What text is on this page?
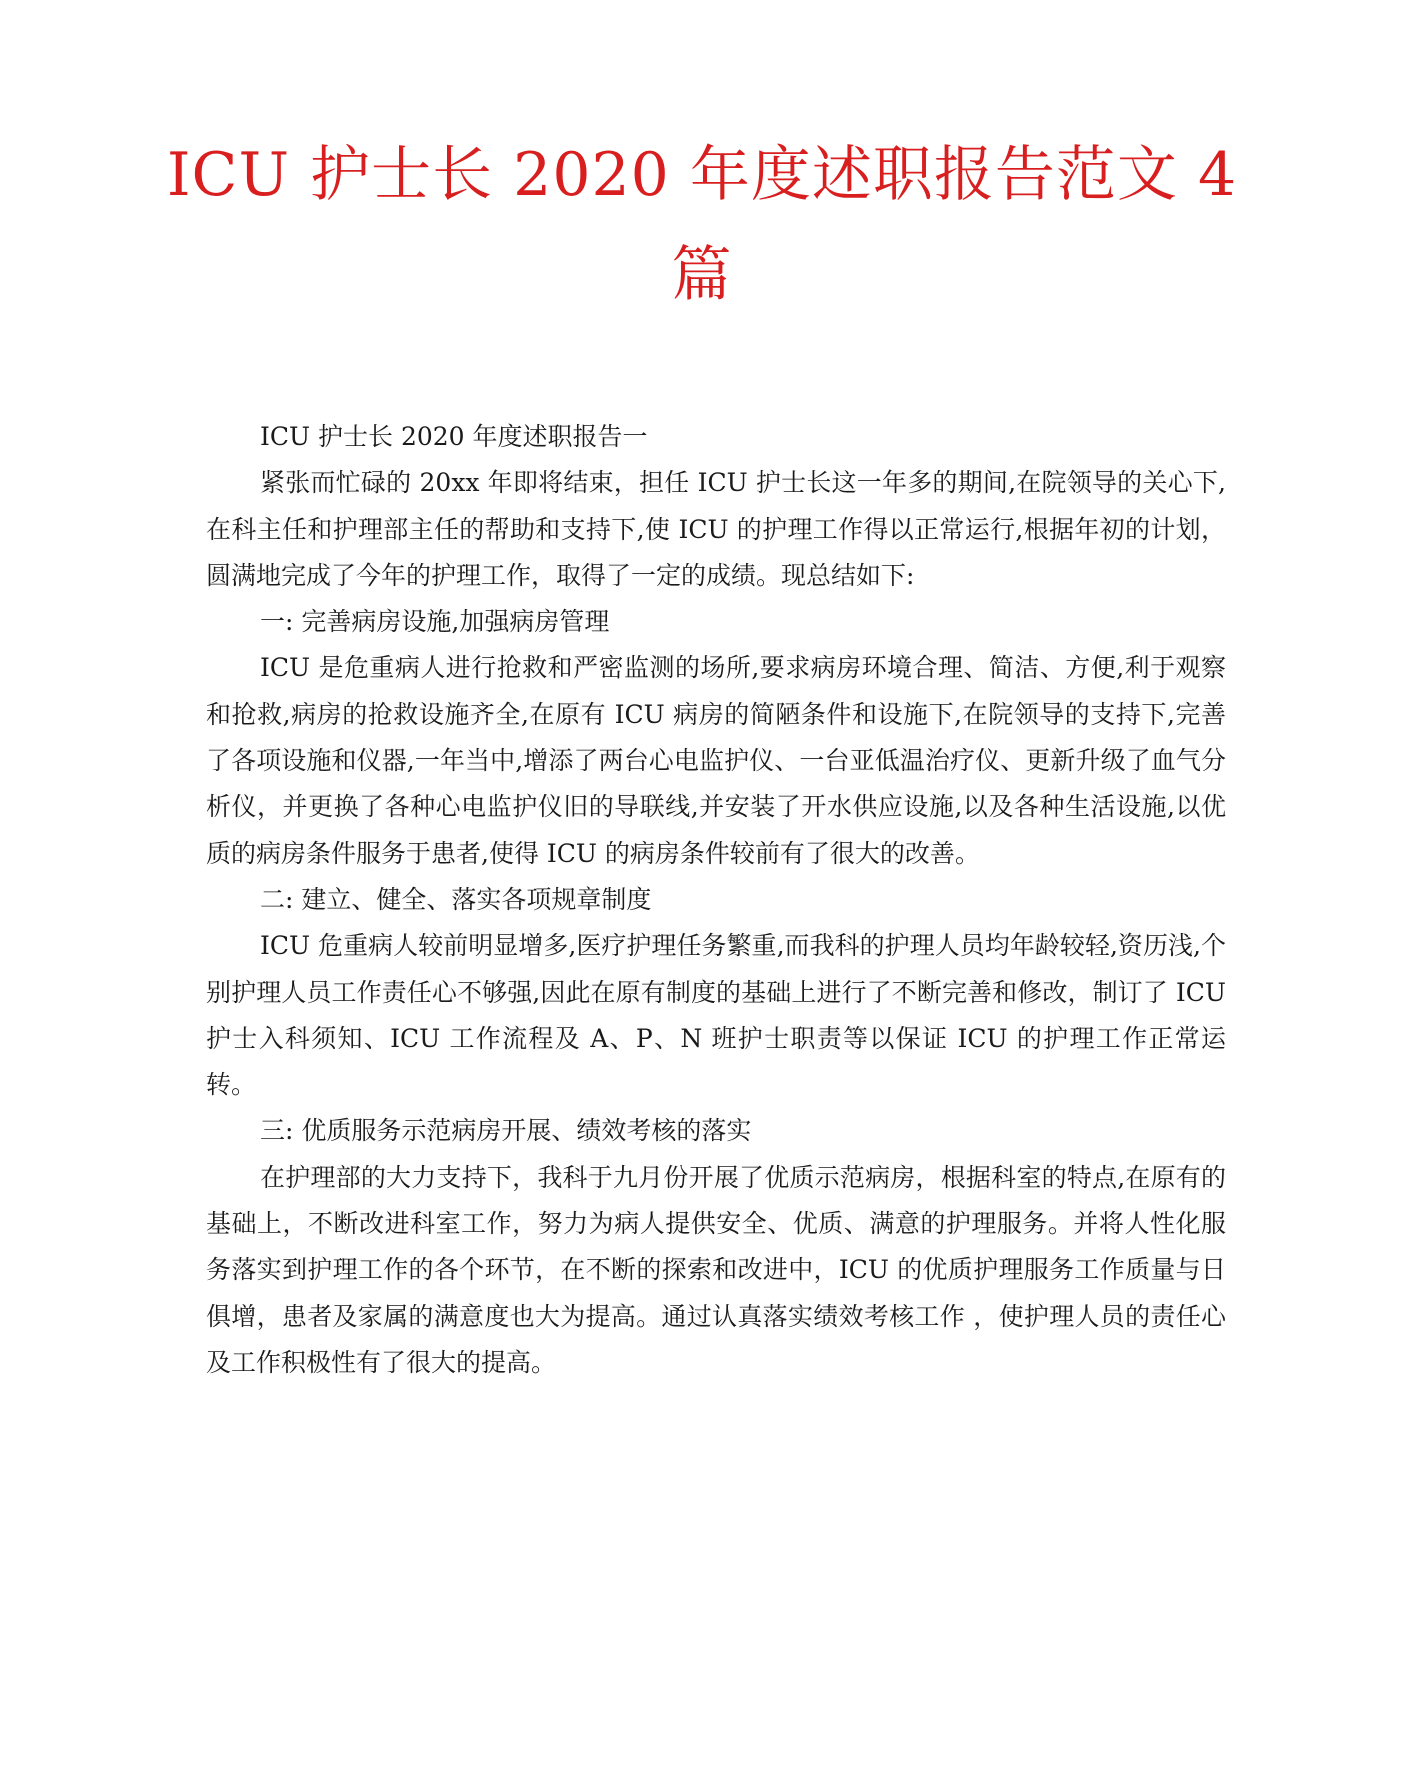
ICU 护士长 2020 年度述职报告范文 4 篇

ICU 护士长 2020 年度述职报告一

紧张而忙碌的 20xx 年即将结束，担任 ICU 护士长这一年多的期间,在院领导的关心下,在科主任和护理部主任的帮助和支持下,使 ICU 的护理工作得以正常运行,根据年初的计划，圆满地完成了今年的护理工作，取得了一定的成绩。现总结如下:

一: 完善病房设施,加强病房管理

ICU 是危重病人进行抢救和严密监测的场所,要求病房环境合理、简洁、方便,利于观察和抢救,病房的抢救设施齐全,在原有 ICU 病房的简陋条件和设施下,在院领导的支持下,完善了各项设施和仪器,一年当中,增添了两台心电监护仪、一台亚低温治疗仪、更新升级了血气分析仪，并更换了各种心电监护仪旧的导联线,并安装了开水供应设施,以及各种生活设施,以优质的病房条件服务于患者,使得 ICU 的病房条件较前有了很大的改善。

二: 建立、健全、落实各项规章制度

ICU 危重病人较前明显增多,医疗护理任务繁重,而我科的护理人员均年龄较轻,资历浅,个别护理人员工作责任心不够强,因此在原有制度的基础上进行了不断完善和修改，制订了 ICU 护士入科须知、ICU 工作流程及 A、P、N 班护士职责等以保证 ICU 的护理工作正常运转。

三: 优质服务示范病房开展、绩效考核的落实

在护理部的大力支持下，我科于九月份开展了优质示范病房，根据科室的特点,在原有的基础上，不断改进科室工作，努力为病人提供安全、优质、满意的护理服务。并将人性化服务落实到护理工作的各个环节，在不断的探索和改进中，ICU 的优质护理服务工作质量与日俱增，患者及家属的满意度也大为提高。通过认真落实绩效考核工作 ，使护理人员的责任心及工作积极性有了很大的提高。
